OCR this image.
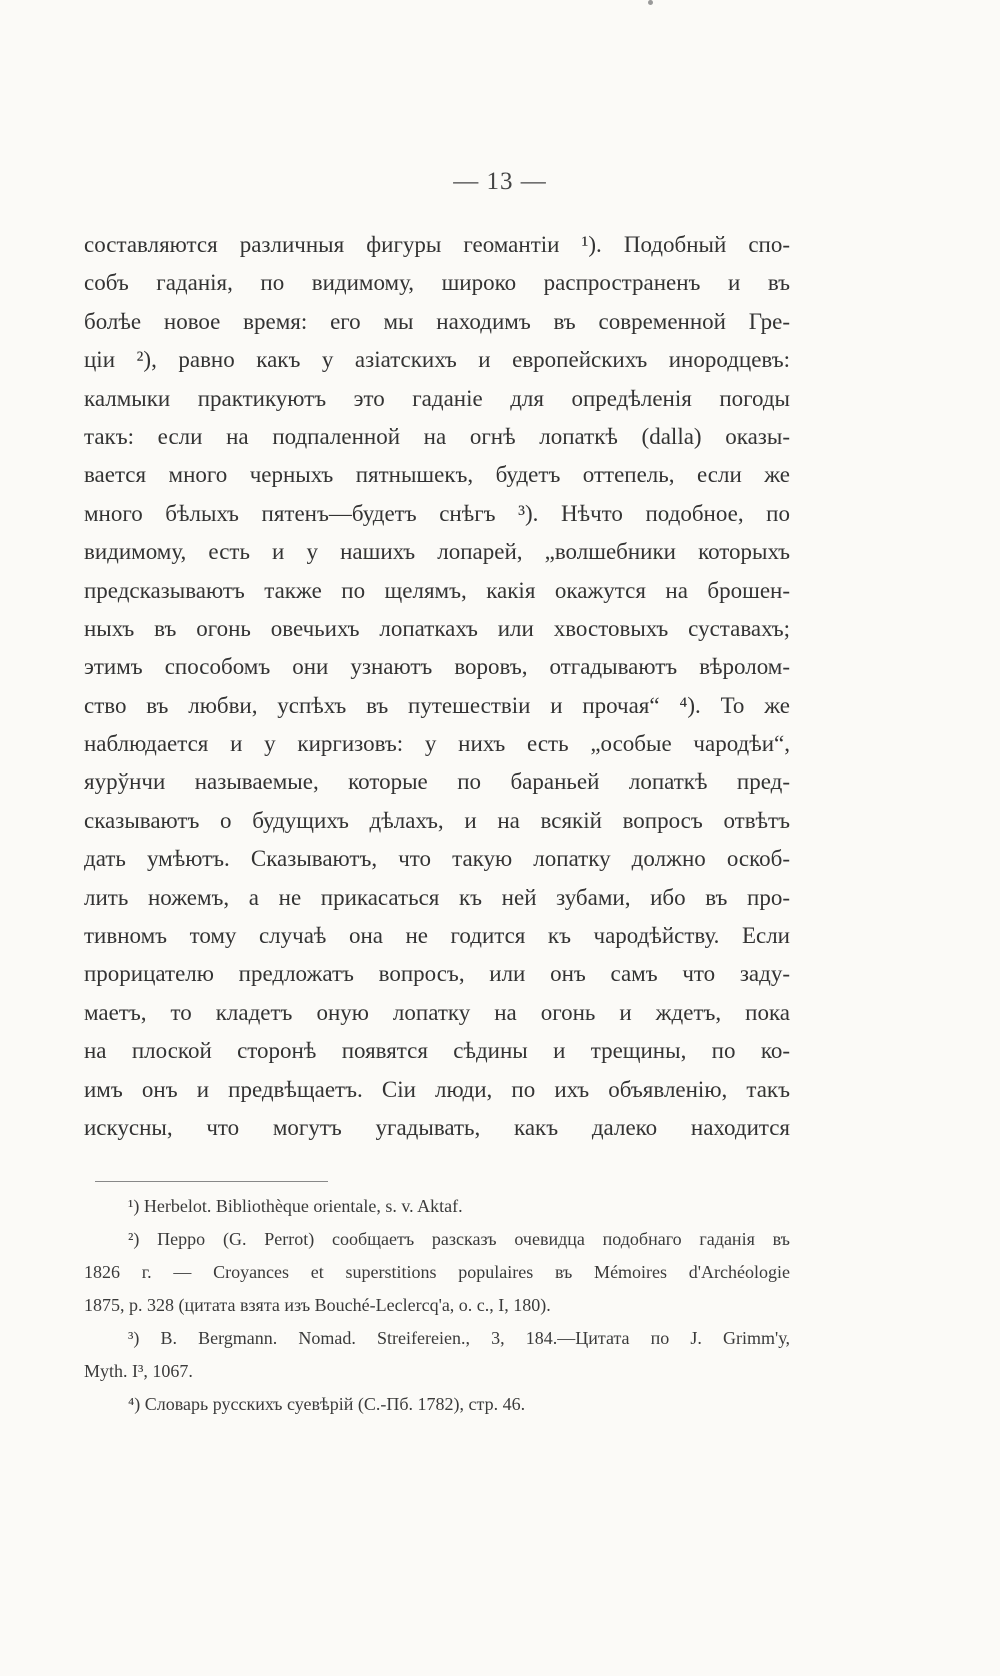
— 13 —
составляются различныя фигуры геомантіи ¹). Подобный спо-
собъ гаданія, по видимому, широко распространенъ и въ
болѣе новое время: его мы находимъ въ современной Гре-
ціи ²), равно какъ у азіатскихъ и европейскихъ инородцевъ:
калмыки практикуютъ это гаданіе для опредѣленія погоды
такъ: если на подпаленной на огнѣ лопаткѣ (dalla) оказы-
вается много черныхъ пятнышекъ, будетъ оттепель, если же
много бѣлыхъ пятенъ—будетъ снѣгъ ³). Нѣчто подобное, по
видимому, есть и у нашихъ лопарей, „волшебники которыхъ
предсказываютъ также по щелямъ, какія окажутся на брошен-
ныхъ въ огонь овечьихъ лопаткахъ или хвостовыхъ суставахъ;
этимъ способомъ они узнаютъ воровъ, отгадываютъ вѣролом-
ство въ любви, успѣхъ въ путешествіи и прочая“ ⁴). То же
наблюдается и у киргизовъ: у нихъ есть „особые чародѣи“,
яурўнчи называемые, которые по бараньей лопаткѣ пред-
сказываютъ о будущихъ дѣлахъ, и на всякій вопросъ отвѣтъ
дать умѣютъ. Сказываютъ, что такую лопатку должно оскоб-
лить ножемъ, а не прикасаться къ ней зубами, ибо въ про-
тивномъ тому случаѣ она не годится къ чародѣйству. Если
прорицателю предложатъ вопросъ, или онъ самъ что заду-
маетъ, то кладетъ оную лопатку на огонь и ждетъ, пока
на плоской сторонѣ появятся сѣдины и трещины, по ко-
имъ онъ и предвѣщаетъ. Сіи люди, по ихъ объявленію, такъ
искусны, что могутъ угадывать, какъ далеко находится
¹) Herbelot. Bibliothèque orientale, s. v. Aktaf.
²) Перро (G. Perrot) сообщаетъ разсказъ очевидца подобнаго гаданія въ
1826 г. — Croyances et superstitions populaires въ Mémoires d'Archéologie
1875, p. 328 (цитата взята изъ Bouché-Leclercq'a, o. c., I, 180).
³) B. Bergmann. Nomad. Streifereien., 3, 184.—Цитата по J. Grimm'у,
Myth. I³, 1067.
⁴) Словарь русскихъ суевѣрій (С.-Пб. 1782), стр. 46.
